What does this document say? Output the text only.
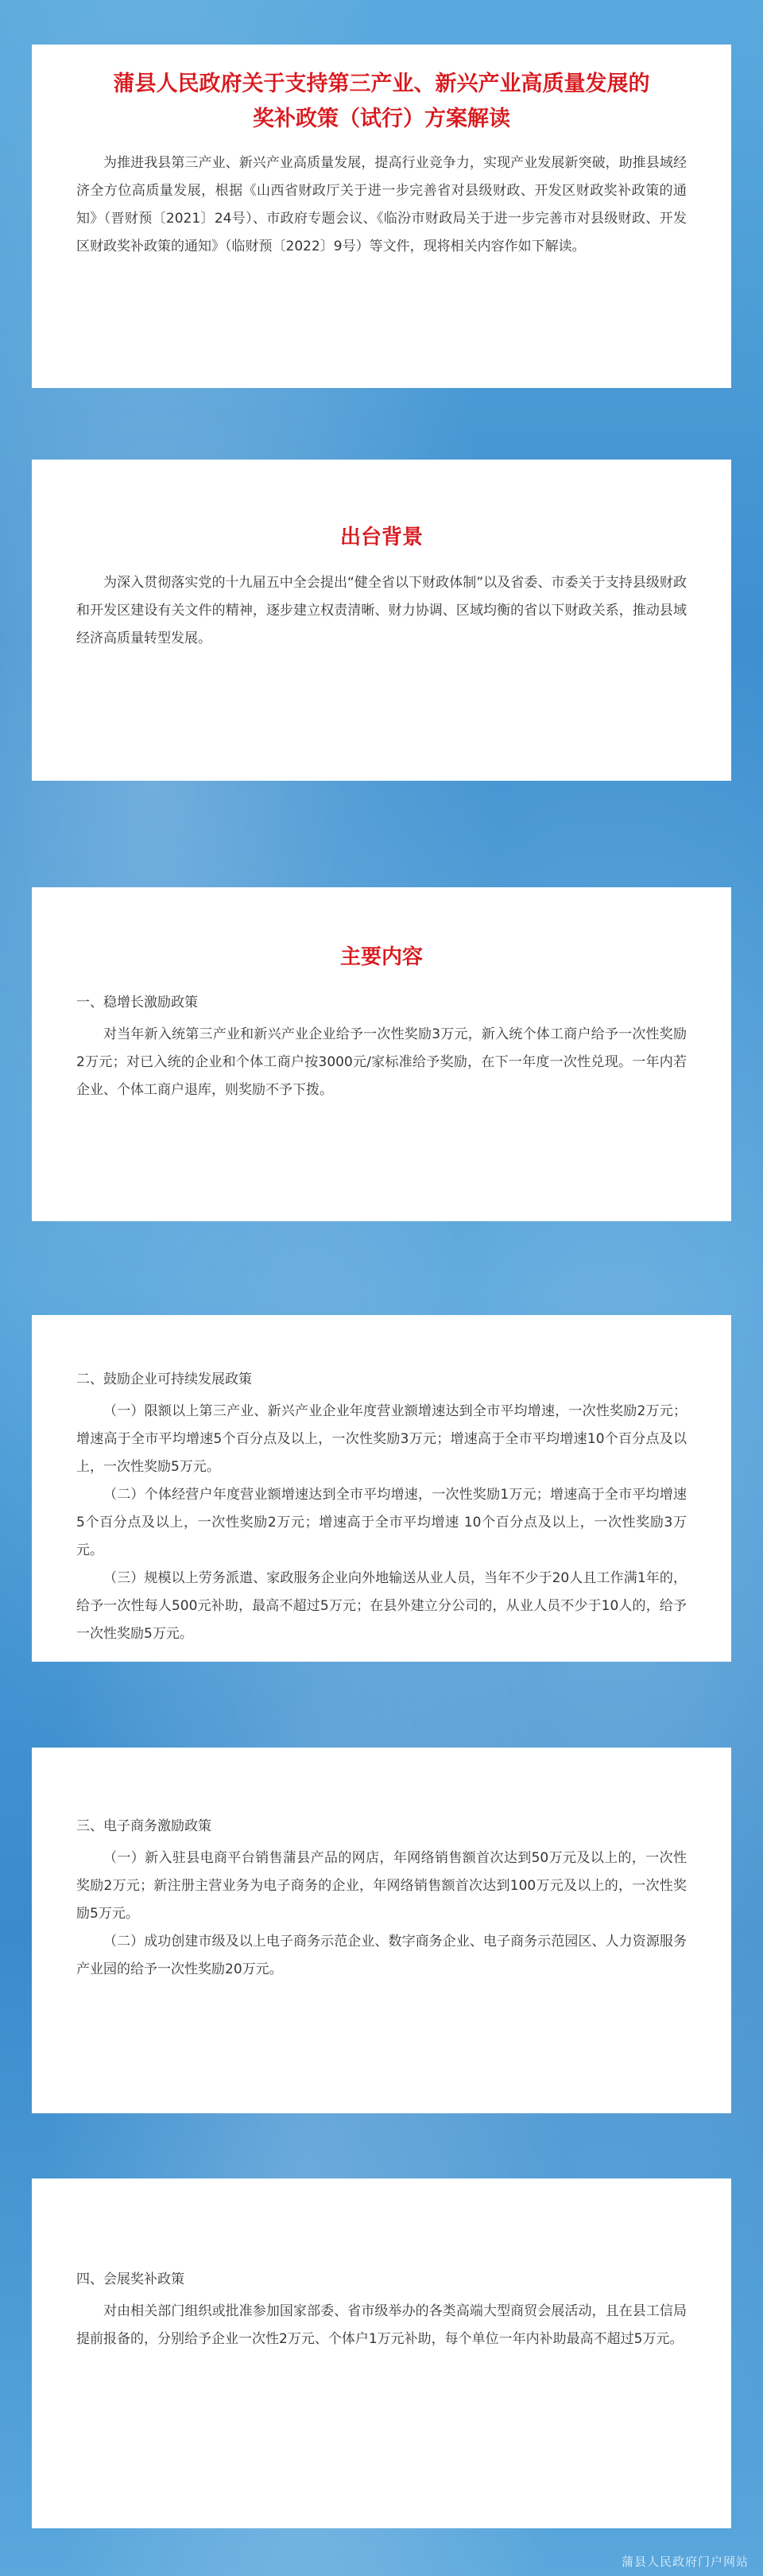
蒲县人民政府关于支持第三产业、新兴产业高质量发展的
奖补政策（试行）方案解读

为推进我县第三产业、新兴产业高质量发展，提高行业竞争力，实现产业发展新突破，助推县域经济全方位高质量发展，根据《山西省财政厅关于进一步完善省对县级财政、开发区财政奖补政策的通知》（晋财预〔2021〕24号）、市政府专题会议、《临汾市财政局关于进一步完善市对县级财政、开发区财政奖补政策的通知》（临财预〔2022〕9号）等文件，现将相关内容作如下解读。

出台背景

为深入贯彻落实党的十九届五中全会提出“健全省以下财政体制”以及省委、市委关于支持县级财政和开发区建设有关文件的精神，逐步建立权责清晰、财力协调、区域均衡的省以下财政关系，推动县域经济高质量转型发展。

主要内容
一、稳增长激励政策

对当年新入统第三产业和新兴产业企业给予一次性奖励3万元，新入统个体工商户给予一次性奖励2万元；对已入统的企业和个体工商户按3000元/家标准给予奖励，在下一年度一次性兑现。一年内若企业、个体工商户退库，则奖励不予下拨。

二、鼓励企业可持续发展政策

（一）限额以上第三产业、新兴产业企业年度营业额增速达到全市平均增速，一次性奖励2万元；增速高于全市平均增速5个百分点及以上，一次性奖励3万元；增速高于全市平均增速10个百分点及以上，一次性奖励5万元。

（二）个体经营户年度营业额增速达到全市平均增速，一次性奖励1万元；增速高于全市平均增速5个百分点及以上，一次性奖励2万元；增速高于全市平均增速 10个百分点及以上，一次性奖励3万元。

（三）规模以上劳务派遣、家政服务企业向外地输送从业人员，当年不少于20人且工作满1年的，给予一次性每人500元补助，最高不超过5万元；在县外建立分公司的，从业人员不少于10人的，给予一次性奖励5万元。

三、电子商务激励政策

（一）新入驻县电商平台销售蒲县产品的网店，年网络销售额首次达到50万元及以上的，一次性奖励2万元；新注册主营业务为电子商务的企业，年网络销售额首次达到100万元及以上的，一次性奖励5万元。

（二）成功创建市级及以上电子商务示范企业、数字商务企业、电子商务示范园区、人力资源服务产业园的给予一次性奖励20万元。

四、会展奖补政策

对由相关部门组织或批准参加国家部委、省市级举办的各类高端大型商贸会展活动，且在县工信局提前报备的，分别给予企业一次性2万元、个体户1万元补助，每个单位一年内补助最高不超过5万元。

蒲县人民政府门户网站
